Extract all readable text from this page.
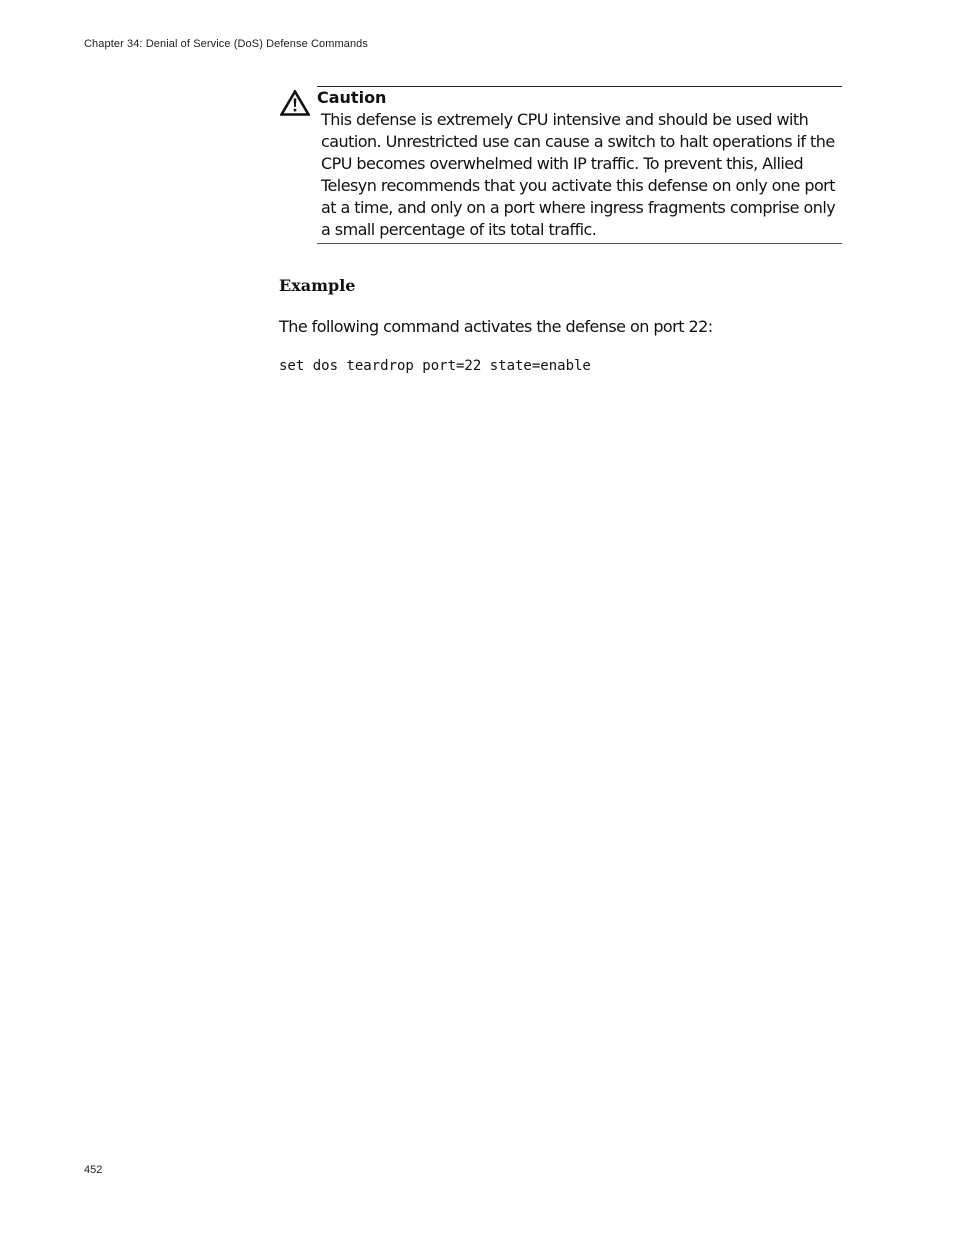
Chapter 34: Denial of Service (DoS) Defense Commands
Caution
This defense is extremely CPU intensive and should be used with caution. Unrestricted use can cause a switch to halt operations if the CPU becomes overwhelmed with IP traffic. To prevent this, Allied Telesyn recommends that you activate this defense on only one port at a time, and only on a port where ingress fragments comprise only a small percentage of its total traffic.
Example
The following command activates the defense on port 22:
set dos teardrop port=22 state=enable
452
